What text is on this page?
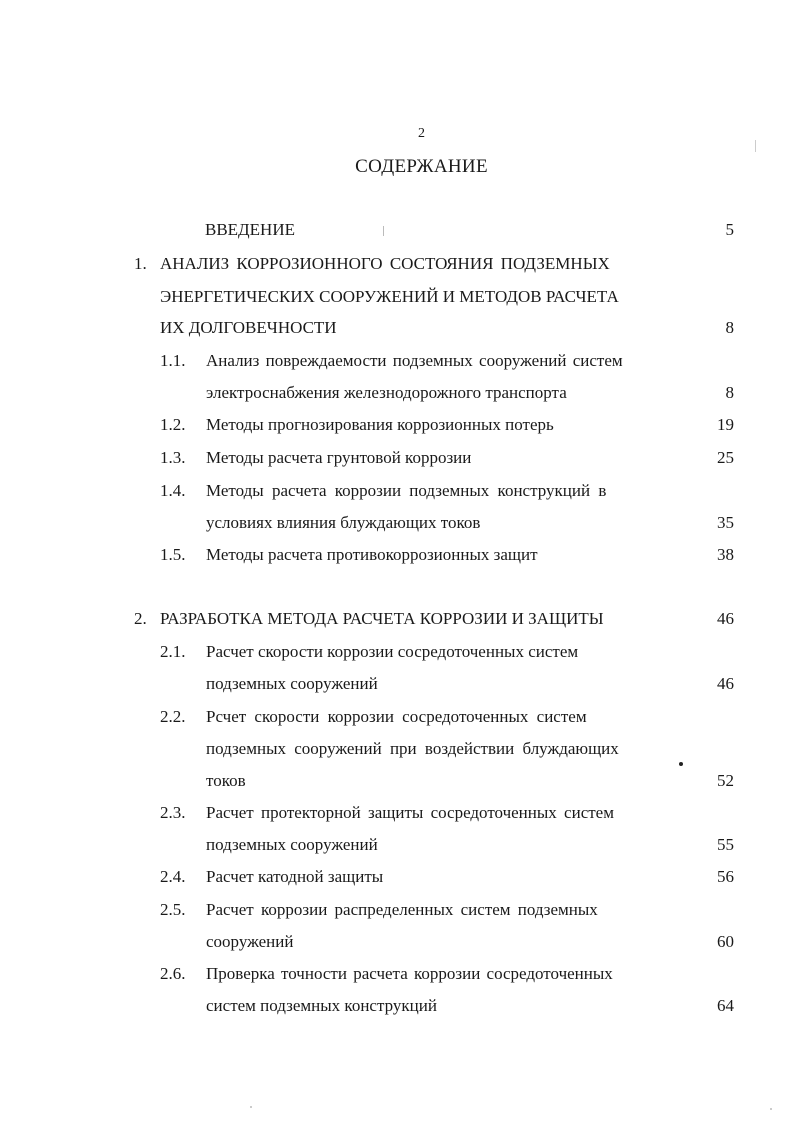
2
СОДЕРЖАНИЕ
ВВЕДЕНИЕ	5
1. АНАЛИЗ КОРРОЗИОННОГО СОСТОЯНИЯ ПОДЗЕМНЫХ
ЭНЕРГЕТИЧЕСКИХ СООРУЖЕНИЙ И МЕТОДОВ РАСЧЕТА
ИХ ДОЛГОВЕЧНОСТИ	8
1.1. Анализ повреждаемости подземных сооружений систем
электроснабжения железнодорожного транспорта	8
1.2. Методы прогнозирования коррозионных потерь	19
1.3. Методы расчета грунтовой коррозии	25
1.4. Методы расчета коррозии подземных конструкций в
условиях влияния блуждающих токов	35
1.5. Методы расчета противокоррозионных защит	38
2. РАЗРАБОТКА МЕТОДА РАСЧЕТА КОРРОЗИИ И ЗАЩИТЫ	46
2.1. Расчет скорости коррозии сосредоточенных систем
подземных сооружений	46
2.2. Рсчет скорости коррозии сосредоточенных систем
подземных сооружений при воздействии блуждающих
токов	52
2.3. Расчет протекторной защиты сосредоточенных систем
подземных сооружений	55
2.4. Расчет катодной защиты	56
2.5. Расчет коррозии распределенных систем подземных
сооружений	60
2.6. Проверка точности расчета коррозии сосредоточенных
систем подземных конструкций	64
